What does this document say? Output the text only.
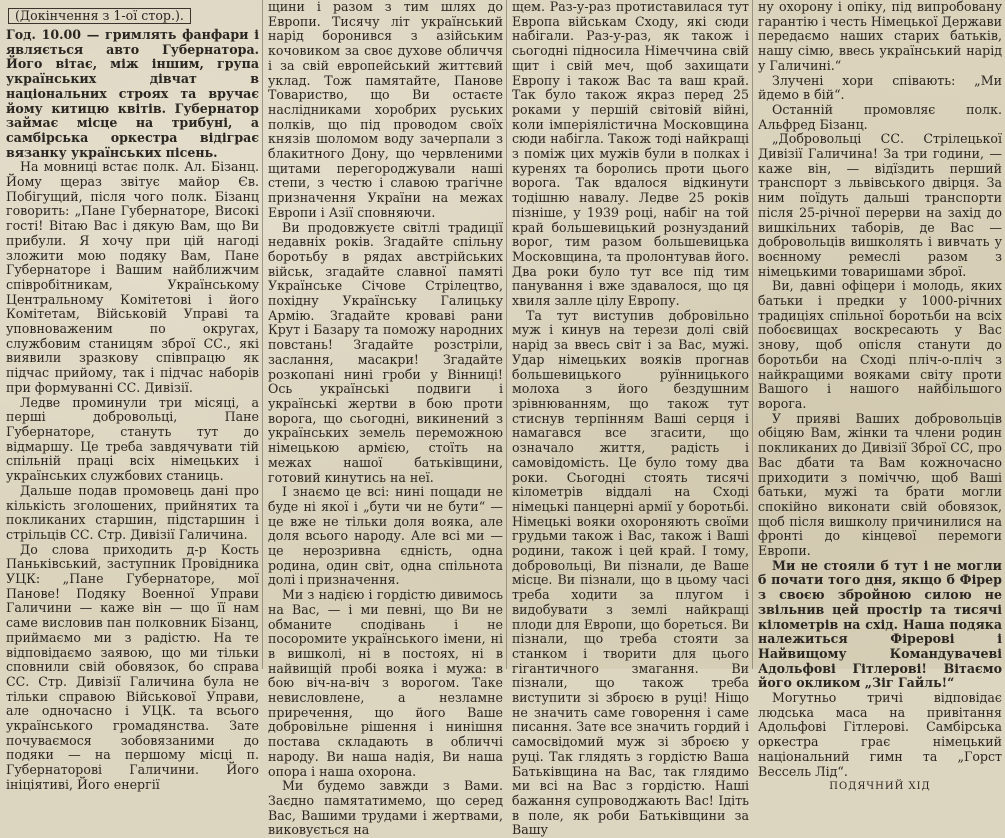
(Докінчення з 1-ої стор.).

Год. 10.00 — гримлять фанфари і являється авто Губернатора. Його вітає, між іншим, група українських дівчат в національних строях та вручає йому китицю квітів. Губернатор займає місце на трибуні, а самбірська оркестра відіграє вязанку українських пісень.

На мовниці встає полк. Ал. Бізанц. Йому щераз звітує майор Єв. Побігущий, після чого полк. Бізанц говорить: „Пане Губернаторе, Високі гості! Вітаю Вас і дякую Вам, що Ви прибули. Я хочу при цій нагоді зложити мою подяку Вам, Пане Губернаторе і Вашим найближчим співробітникам, Українському Центральному Комітетові і його Комітетам, Військовій Управі та уповноваженим по округах, службовим станицям зброї СС., які виявили зразкову співпрацю як підчас прийому, так і підчас наборів при формуванні СС. Дивізії.

Ледве проминули три місяці, а перші добровольці, Пане Губернаторе, стануть тут до відмаршу. Це треба завдячувати тій спільній праці всіх німецьких і українських службових станиць.

Дальше подав промовець дані про кількість зголошених, прийнятих та покликаних старшин, підстаршин і стрільців СС. Стр. Дивізії Галичина.

До слова приходить д-р Кость Паньківський, заступник Провідника УЦК: „Пане Губернаторе, мої Панове! Подяку Военної Управи Галичини — каже він — що її нам саме висловив пан полковник Бізанц, приймаємо ми з радістю. На те відповідаємо заявою, що ми тільки сповнили свій обовязок, бо справа СС. Стр. Дивізії Галичина була не тільки справою Військової Управи, але одночасно і УЦК. та всього українського громадянства. Зате почуваємося зобовязаними до подяки — на першому місці п. Губернаторові Галичини. Його ініціятиві, Його енергії

щини і разом з тим шлях до Европи. Тисячу літ український нарід боронився з азійським кочовиком за своє духове обличчя і за свій европейський життєвий уклад. Тож памятайте, Панове Товариство, що Ви остаєте наслідниками хоробрих руських полків, що під проводом своїх князів шоломом воду зачерпали з блакитного Дону, що червленими щитами перегороджували нашi степи, з честю і славою трагічне призначення України на межах Европи і Азії сповняючи.

Ви продовжуєте світлі традиції недавніх років. Згадайте спільну боротьбу в рядах австрійських військ, згадайте славної памяті Українське Січове Стрілецтво, похідну Українську Галицьку Армію. Згадайте кроваві рани Крут і Базару та поможу народних повстань! Згадайте розстріли, заслання, масакри! Згадайте розкопані нині гроби у Вінниці! Ось українські подвиги і українські жертви в бою проти ворога, що сьогодні, викинений з українських земель переможною німецькою армією, стоїть на межах нашої батьківщини, готовий кинутись на неї.

І знаємо це всі: нині пощади не буде ні якої і „бути чи не бути“ — це вже не тільки доля вояка, але доля всього народу. Але всі ми — це нерозривна єдність, одна родина, один світ, одна спільнота долі і призначення.

Ми з надією і гордістю дивимось на Вас, — і ми певні, що Ви не обманите сподівань і не посоромите українського імени, ні в вишколі, ні в постоях, ні в найвищій пробі вояка і мужа: в бою віч-на-віч з ворогом. Таке невисловлене, а незламне приречення, що його Ваше добровільне рішення і нинішня постава складають в обличчі народу. Ви наша надія, Ви наша опора і наша охорона.

Ми будемо завжди з Вами. Заєдно памятатимемо, що серед Вас, Вашими трудами і жертвами, виковується на

щем. Раз-у-раз протиставилася тут Европа військам Сходу, які сюди набігали. Раз-у-раз, як також і сьогодні підносила Німеччина свій щит і свій меч, щоб захищати Европу і також Вас та ваш край. Так було також якраз перед 25 роками у першій світовій війні, коли імперіялістична Московщина сюди набігла. Також тоді найкращі з поміж цих мужів були в полках і куренях та боролись проти цього ворога. Так вдалося відкинути тодішню навалу. Ледве 25 років пізніше, у 1939 році, набіг на той край большевицький рознузданий ворог, тим разом большевицька Московщина, та пролонтував його. Два роки було тут все під тим панування і вже здавалося, що ця хвиля залле цілу Европу.

Та тут виступив добровільно муж і кинув на терези долі свій нарід за ввесь світ і за Вас, мужі. Удар німецьких вояків прогнав большевицького руїнницького молоха з його бездушним зрівнюванням, що також тут стиснув терпінням Ваші серця і намагався все згасити, що означало життя, радість і самовідомість. Це було тому два роки. Сьогодні стоять тисячі кілометрів віддалі на Сході німецькі панцерні армії у боротьбі. Німецькі вояки охороняють своїми грудьми також і Вас, також і Ваші родини, також і цей край. І тому, добровольці, Ви пізнали, де Ваше місце. Ви пізнали, що в цьому часі треба ходити за плугом і видобувати з землі найкращі плоди для Европи, що бореться. Ви пізнали, що треба стояти за станком і творити для цього гігантичного змагання. Ви пізнали, що також треба виступити зі зброєю в руці! Ніщо не значить саме говорення і саме писання. Зате все значить гордий і самосвідомий муж зі зброєю у руці. Так глядять з гордістю Ваша Батьківщина на Вас, так глядимо ми всі на Вас з гордістю. Наші бажання супроводжають Вас! Ідіть в поле, як роби Батьківщини за Вашу

ну охорону і опіку, під випробовану гарантію і честь Німецької Держави передаємо наших старих батьків, нашу сімю, ввесь український нарід у Галичині.“

Злучені хори співають: „Ми йдемо в бій“.

Останній промовляє полк. Альфред Бізанц.

„Добровольці СС. Стрілецької Дивізії Галичина! За три години, — каже він, — відїздить перший транспорт з львівського двірця. За ним поїдуть дальші транспорти після 25-річної перерви на захід до вишкільних таборів, де Вас — добровольців вишколять і вивчать у воєнному ремеслі разом з німецькими товаришами зброї.

Ви, давні офіцери і молодь, яких батьки і предки у 1000-річних традиціях спільної боротьби на всіх побоєвищах воскресають у Вас знову, щоб опісля станути до боротьби на Сході пліч-о-пліч з найкращими вояками світу проти Вашого і нашого найбільшого ворога.

У прияві Ваших добровольців обіцяю Вам, жінки та члени родин покликаних до Дивізії Зброї СС, про Вас дбати та Вам кожночасно приходити з поміччю, щоб Ваші батьки, мужі та брати могли спокійно виконати свій обовязок, щоб після вишколу причинилися на фронті до кінцевої перемоги Европи.

Ми не стояли б тут і не могли б почати того дня, якщо б Фірер з своєю збройною силою не звільнив цей простір та тисячі кілометрів на схід. Наша подяка належиться Фірерові і Найвищому Командувачеві Адольфові Гітлерові! Вітаємо його окликом „Зіг Гайль!“

Могутньо тричі відповідає людська маса на привітання Адольфові Гітлерові. Самбірська оркестра грає німецький національний гимн та „Горст Вессель Лід“.

ПОДЯЧНИЙ ХІД
